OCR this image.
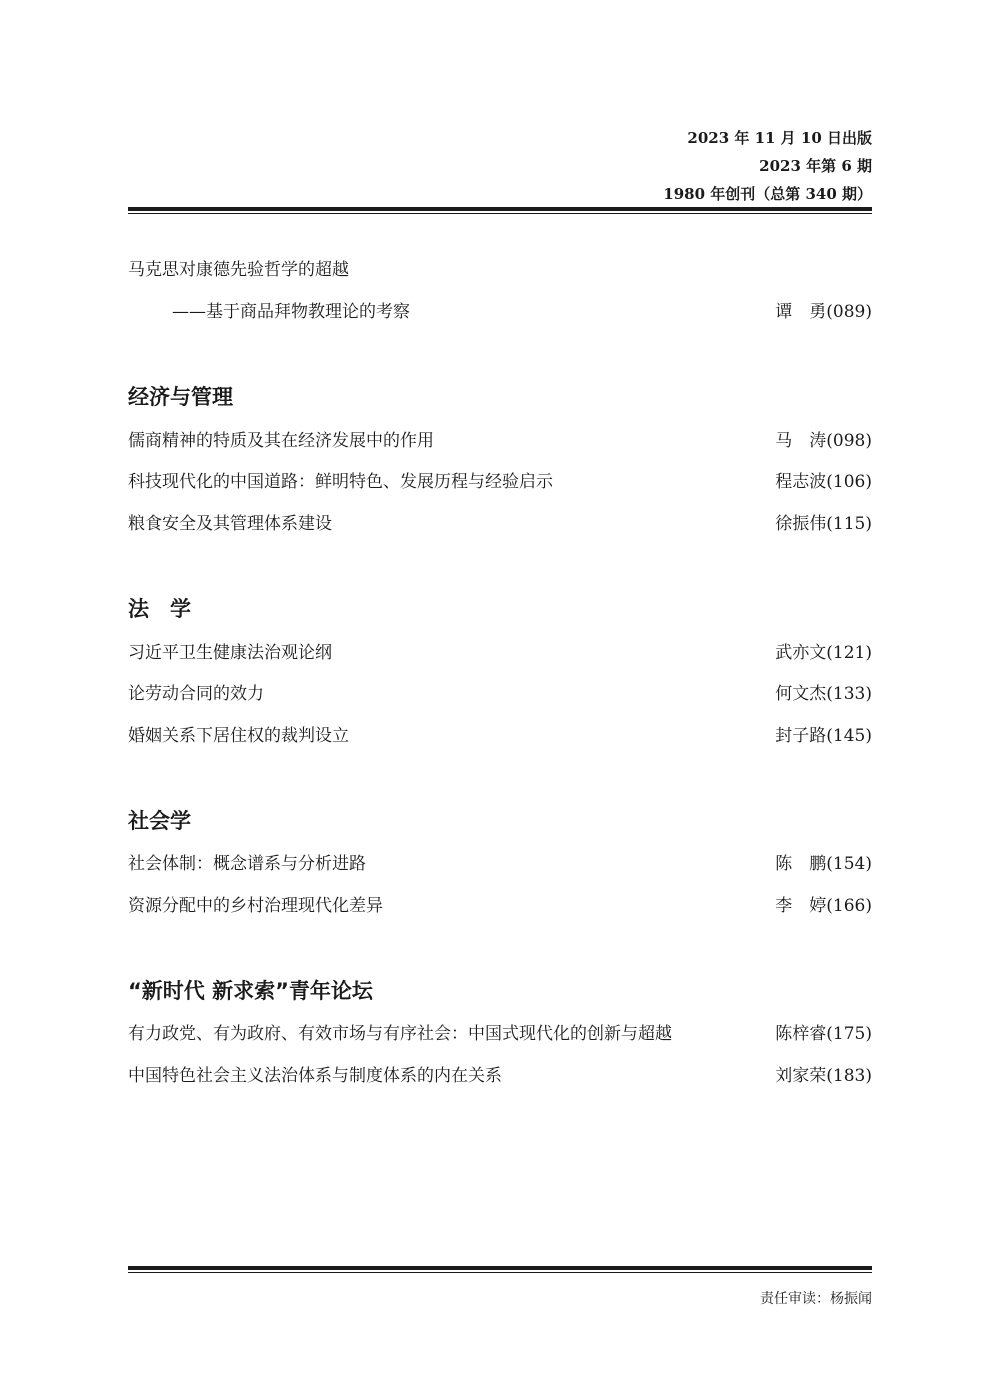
2023 年 11 月 10 日出版
2023 年第 6 期
1980 年创刊（总第 340 期）
马克思对康德先验哲学的超越
——基于商品拜物教理论的考察	谭　勇(089)
经济与管理
儒商精神的特质及其在经济发展中的作用	马　涛(098)
科技现代化的中国道路：鲜明特色、发展历程与经验启示	程志波(106)
粮食安全及其管理体系建设	徐振伟(115)
法　学
习近平卫生健康法治观论纲	武亦文(121)
论劳动合同的效力	何文杰(133)
婚姻关系下居住权的裁判设立	封子路(145)
社会学
社会体制：概念谱系与分析进路	陈　鹏(154)
资源分配中的乡村治理现代化差异	李　婷(166)
“新时代 新求索”青年论坛
有力政党、有为政府、有效市场与有序社会：中国式现代化的创新与超越	陈梓睿(175)
中国特色社会主义法治体系与制度体系的内在关系	刘家荣(183)
责任审读：杨振闻
